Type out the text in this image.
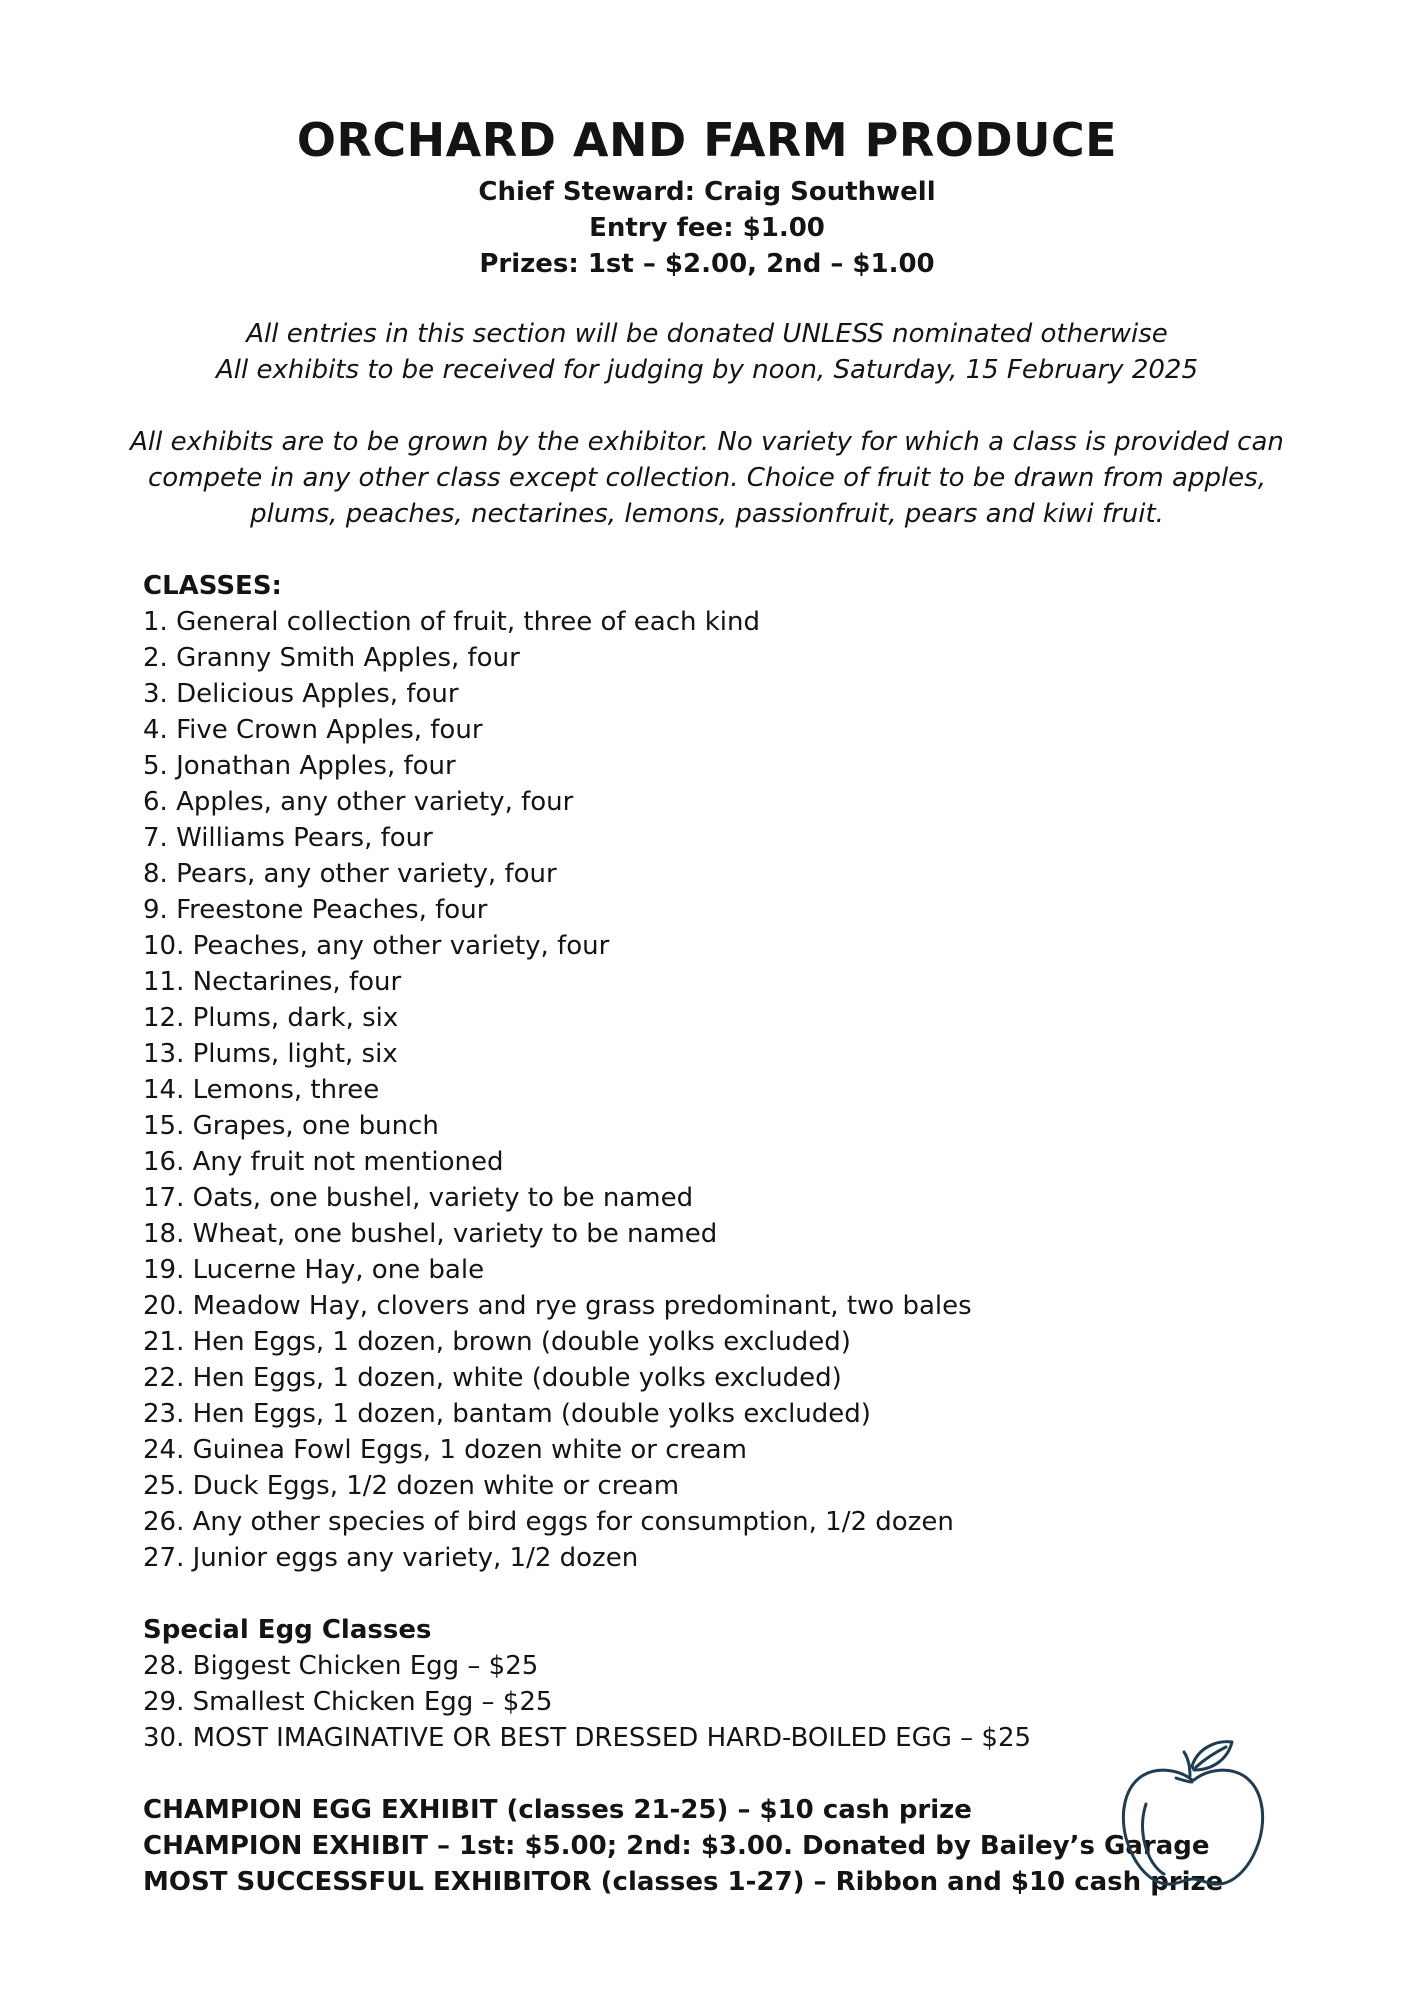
ORCHARD AND FARM PRODUCE
Chief Steward: Craig Southwell
Entry fee: $1.00
Prizes: 1st – $2.00, 2nd – $1.00
All entries in this section will be donated UNLESS nominated otherwise
All exhibits to be received for judging by noon, Saturday, 15 February 2025
All exhibits are to be grown by the exhibitor. No variety for which a class is provided can
compete in any other class except collection. Choice of fruit to be drawn from apples,
plums, peaches, nectarines, lemons, passionfruit, pears and kiwi fruit.
CLASSES:
1. General collection of fruit, three of each kind
2. Granny Smith Apples, four
3. Delicious Apples, four
4. Five Crown Apples, four
5. Jonathan Apples, four
6. Apples, any other variety, four
7. Williams Pears, four
8. Pears, any other variety, four
9. Freestone Peaches, four
10. Peaches, any other variety, four
11. Nectarines, four
12. Plums, dark, six
13. Plums, light, six
14. Lemons, three
15. Grapes, one bunch
16. Any fruit not mentioned
17. Oats, one bushel, variety to be named
18. Wheat, one bushel, variety to be named
19. Lucerne Hay, one bale
20. Meadow Hay, clovers and rye grass predominant, two bales
21. Hen Eggs, 1 dozen, brown (double yolks excluded)
22. Hen Eggs, 1 dozen, white (double yolks excluded)
23. Hen Eggs, 1 dozen, bantam (double yolks excluded)
24. Guinea Fowl Eggs, 1 dozen white or cream
25. Duck Eggs, 1/2 dozen white or cream
26. Any other species of bird eggs for consumption, 1/2 dozen
27. Junior eggs any variety, 1/2 dozen
Special Egg Classes
28. Biggest Chicken Egg – $25
29. Smallest Chicken Egg – $25
30. MOST IMAGINATIVE OR BEST DRESSED HARD-BOILED EGG – $25
CHAMPION EGG EXHIBIT (classes 21-25) – $10 cash prize
CHAMPION EXHIBIT – 1st: $5.00; 2nd: $3.00. Donated by Bailey’s Garage
MOST SUCCESSFUL EXHIBITOR (classes 1-27) – Ribbon and $10 cash prize
